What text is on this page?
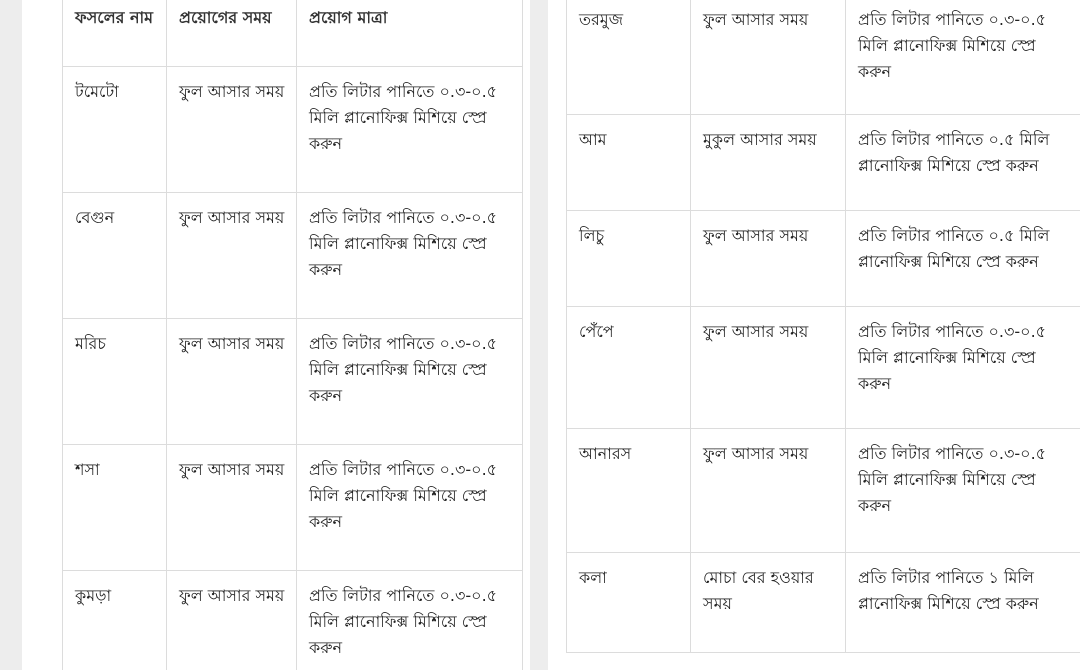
ফসলের নাম	প্রয়োগের সময়	প্রয়োগ মাত্রা
টমেটো	ফুল আসার সময়	প্রতি লিটার পানিতে ০.৩-০.৫ মিলি প্লানোফিক্স মিশিয়ে স্প্রে করুন
বেগুন	ফুল আসার সময়	প্রতি লিটার পানিতে ০.৩-০.৫ মিলি প্লানোফিক্স মিশিয়ে স্প্রে করুন
মরিচ	ফুল আসার সময়	প্রতি লিটার পানিতে ০.৩-০.৫ মিলি প্লানোফিক্স মিশিয়ে স্প্রে করুন
শসা	ফুল আসার সময়	প্রতি লিটার পানিতে ০.৩-০.৫ মিলি প্লানোফিক্স মিশিয়ে স্প্রে করুন
কুমড়া	ফুল আসার সময়	প্রতি লিটার পানিতে ০.৩-০.৫ মিলি প্লানোফিক্স মিশিয়ে স্প্রে করুন
তরমুজ	ফুল আসার সময়	প্রতি লিটার পানিতে ০.৩-০.৫ মিলি প্লানোফিক্স মিশিয়ে স্প্রে করুন
আম	মুকুল আসার সময়	প্রতি লিটার পানিতে ০.৫ মিলি প্লানোফিক্স মিশিয়ে স্প্রে করুন
লিচু	ফুল আসার সময়	প্রতি লিটার পানিতে ০.৫ মিলি প্লানোফিক্স মিশিয়ে স্প্রে করুন
পেঁপে	ফুল আসার সময়	প্রতি লিটার পানিতে ০.৩-০.৫ মিলি প্লানোফিক্স মিশিয়ে স্প্রে করুন
আনারস	ফুল আসার সময়	প্রতি লিটার পানিতে ০.৩-০.৫ মিলি প্লানোফিক্স মিশিয়ে স্প্রে করুন
কলা	মোচা বের হওয়ার সময়	প্রতি লিটার পানিতে ১ মিলি প্লানোফিক্স মিশিয়ে স্প্রে করুন
